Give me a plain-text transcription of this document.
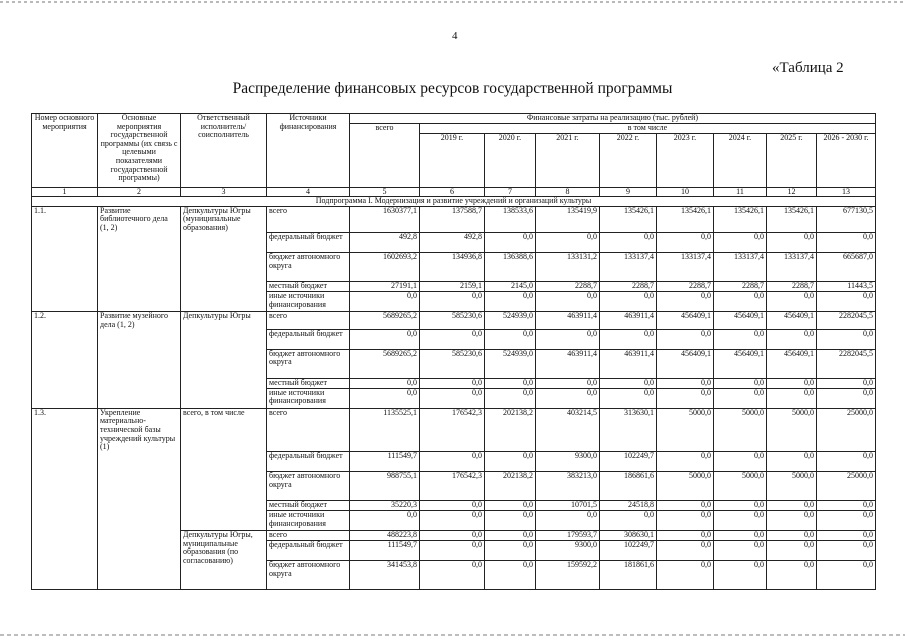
4
«Таблица 2
Распределение финансовых ресурсов государственной программы
Номер основного мероприятия	Основные мероприятия государственной программы (их связь с целевыми показателями государственной программы)	Ответственный исполнитель/ соисполнитель	Источники финансирования	Финансовые затраты на реализацию (тыс. рублей)								
				всего	в том числе							
					2019 г.	2020 г.	2021 г.	2022 г.	2023 г.	2024 г.	2025 г.	2026 - 2030 г.
1	2	3	4	5	6	7	8	9	10	11	12	13
Подпрограмма I. Модернизация и развитие учреждений и организаций культуры												
1.1.	Развитие библиотечного дела (1, 2)	Депкультуры Югры (муниципальные образования)	всего	1630377,1	137588,7	138533,6	135419,9	135426,1	135426,1	135426,1	135426,1	677130,5
			федеральный бюджет	492,8	492,8	0,0	0,0	0,0	0,0	0,0	0,0	0,0
			бюджет автономного округа	1602693,2	134936,8	136388,6	133131,2	133137,4	133137,4	133137,4	133137,4	665687,0
			местный бюджет	27191,1	2159,1	2145,0	2288,7	2288,7	2288,7	2288,7	2288,7	11443,5
			иные источники финансирования	0,0	0,0	0,0	0,0	0,0	0,0	0,0	0,0	0,0
1.2.	Развитие музейного дела (1, 2)	Депкультуры Югры	всего	5689265,2	585230,6	524939,0	463911,4	463911,4	456409,1	456409,1	456409,1	2282045,5
			федеральный бюджет	0,0	0,0	0,0	0,0	0,0	0,0	0,0	0,0	0,0
			бюджет автономного округа	5689265,2	585230,6	524939,0	463911,4	463911,4	456409,1	456409,1	456409,1	2282045,5
			местный бюджет	0,0	0,0	0,0	0,0	0,0	0,0	0,0	0,0	0,0
			иные источники финансирования	0,0	0,0	0,0	0,0	0,0	0,0	0,0	0,0	0,0
1.3.	Укрепление материально-технической базы учреждений культуры (1)	всего, в том числе	всего	1135525,1	176542,3	202138,2	403214,5	313630,1	5000,0	5000,0	5000,0	25000,0
			федеральный бюджет	111549,7	0,0	0,0	9300,0	102249,7	0,0	0,0	0,0	0,0
			бюджет автономного округа	988755,1	176542,3	202138,2	383213,0	186861,6	5000,0	5000,0	5000,0	25000,0
			местный бюджет	35220,3	0,0	0,0	10701,5	24518,8	0,0	0,0	0,0	0,0
			иные источники финансирования	0,0	0,0	0,0	0,0	0,0	0,0	0,0	0,0	0,0
		Депкультуры Югры, муниципальные образования (по согласованию)	всего	488223,8	0,0	0,0	179593,7	308630,1	0,0	0,0	0,0	0,0
			федеральный бюджет	111549,7	0,0	0,0	9300,0	102249,7	0,0	0,0	0,0	0,0
			бюджет автономного округа	341453,8	0,0	0,0	159592,2	181861,6	0,0	0,0	0,0	0,0
